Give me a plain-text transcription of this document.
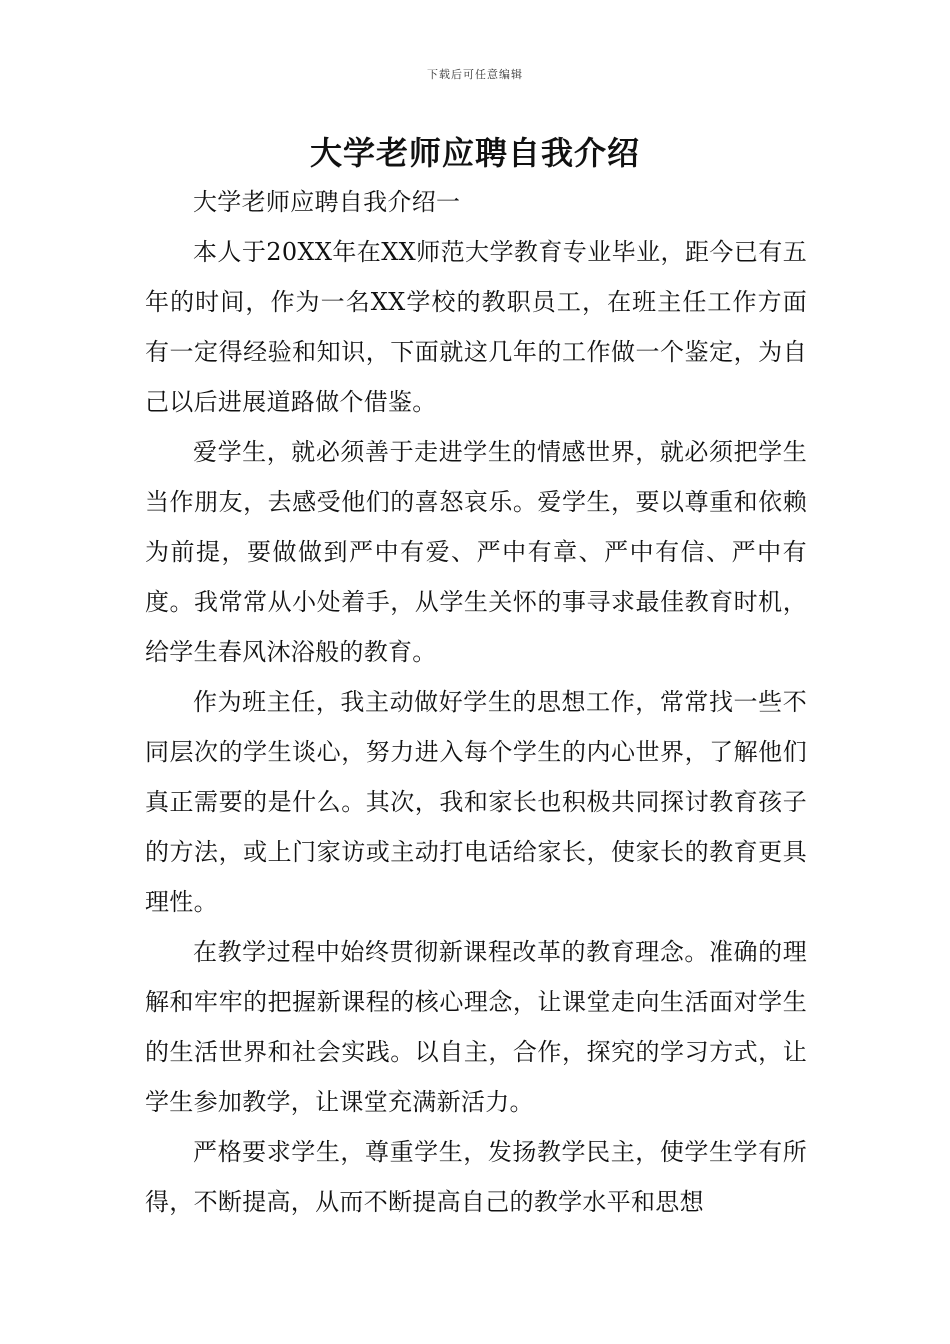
下载后可任意编辑
大学老师应聘自我介绍

大学老师应聘自我介绍一

本人于20XX年在XX师范大学教育专业毕业，距今已有五年的时间，作为一名XX学校的教职员工，在班主任工作方面有一定得经验和知识，下面就这几年的工作做一个鉴定，为自己以后进展道路做个借鉴。

爱学生，就必须善于走进学生的情感世界，就必须把学生当作朋友，去感受他们的喜怒哀乐。爱学生，要以尊重和依赖为前提，要做做到严中有爱、严中有章、严中有信、严中有度。我常常从小处着手，从学生关怀的事寻求最佳教育时机，给学生春风沐浴般的教育。

作为班主任，我主动做好学生的思想工作，常常找一些不同层次的学生谈心，努力进入每个学生的内心世界，了解他们真正需要的是什么。其次，我和家长也积极共同探讨教育孩子的方法，或上门家访或主动打电话给家长，使家长的教育更具理性。

在教学过程中始终贯彻新课程改革的教育理念。准确的理解和牢牢的把握新课程的核心理念，让课堂走向生活面对学生的生活世界和社会实践。以自主，合作，探究的学习方式，让学生参加教学，让课堂充满新活力。

严格要求学生，尊重学生，发扬教学民主，使学生学有所得，不断提高，从而不断提高自己的教学水平和思想
